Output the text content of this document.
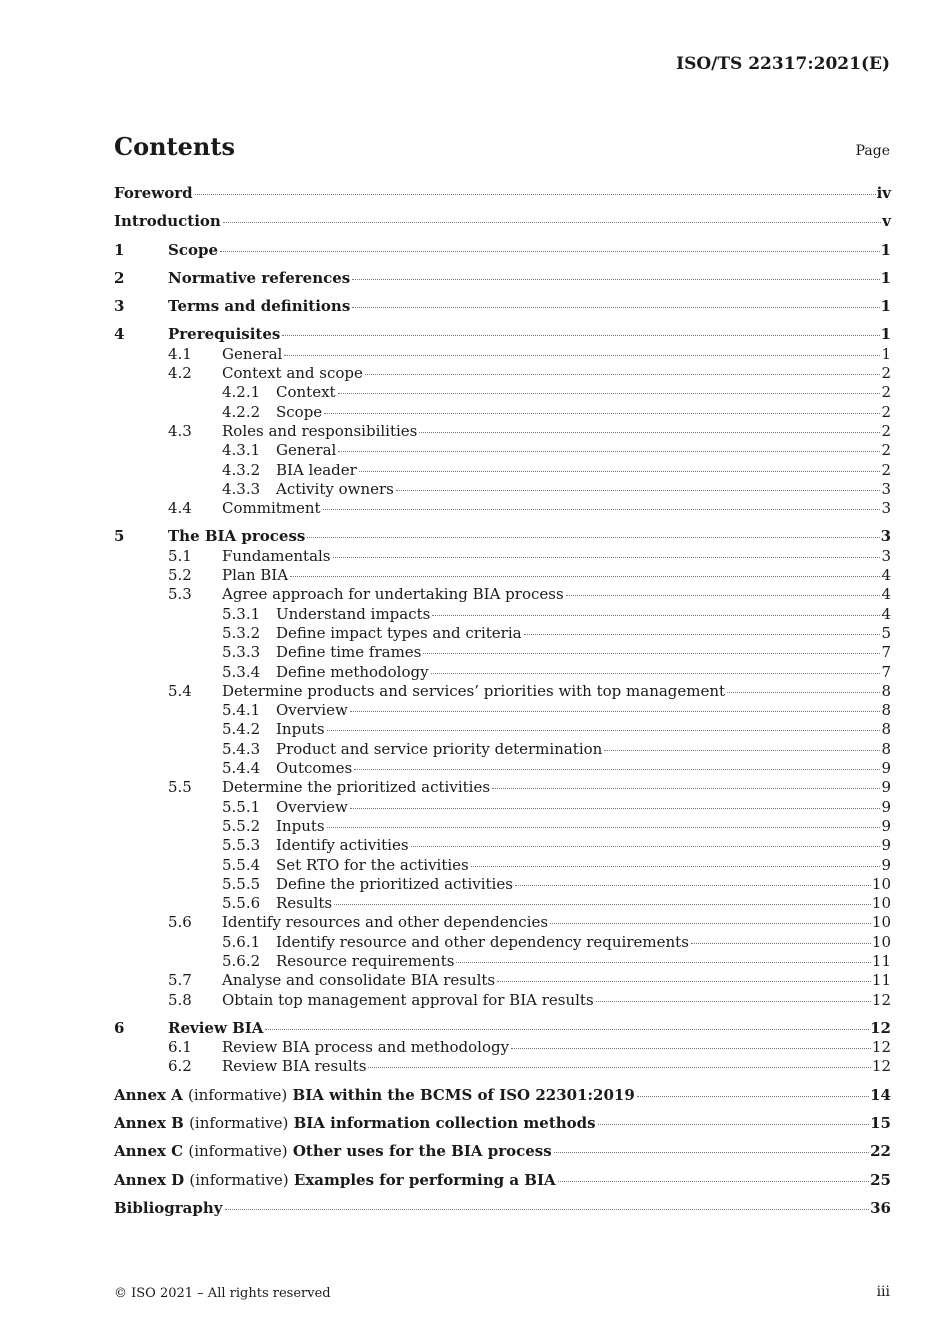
ISO/TS 22317:2021(E)
Contents	Page
Foreword	iv
Introduction	v
1	Scope	1
2	Normative references	1
3	Terms and definitions	1
4	Prerequisites	1
4.1	General	1
4.2	Context and scope	2
4.2.1	Context	2
4.2.2	Scope	2
4.3	Roles and responsibilities	2
4.3.1	General	2
4.3.2	BIA leader	2
4.3.3	Activity owners	3
4.4	Commitment	3
5	The BIA process	3
5.1	Fundamentals	3
5.2	Plan BIA	4
5.3	Agree approach for undertaking BIA process	4
5.3.1	Understand impacts	4
5.3.2	Define impact types and criteria	5
5.3.3	Define time frames	7
5.3.4	Define methodology	7
5.4	Determine products and services’ priorities with top management	8
5.4.1	Overview	8
5.4.2	Inputs	8
5.4.3	Product and service priority determination	8
5.4.4	Outcomes	9
5.5	Determine the prioritized activities	9
5.5.1	Overview	9
5.5.2	Inputs	9
5.5.3	Identify activities	9
5.5.4	Set RTO for the activities	9
5.5.5	Define the prioritized activities	10
5.5.6	Results	10
5.6	Identify resources and other dependencies	10
5.6.1	Identify resource and other dependency requirements	10
5.6.2	Resource requirements	11
5.7	Analyse and consolidate BIA results	11
5.8	Obtain top management approval for BIA results	12
6	Review BIA	12
6.1	Review BIA process and methodology	12
6.2	Review BIA results	12
Annex A (informative) BIA within the BCMS of ISO 22301:2019	14
Annex B (informative) BIA information collection methods	15
Annex C (informative) Other uses for the BIA process	22
Annex D (informative) Examples for performing a BIA	25
Bibliography	36
© ISO 2021 – All rights reserved	iii
